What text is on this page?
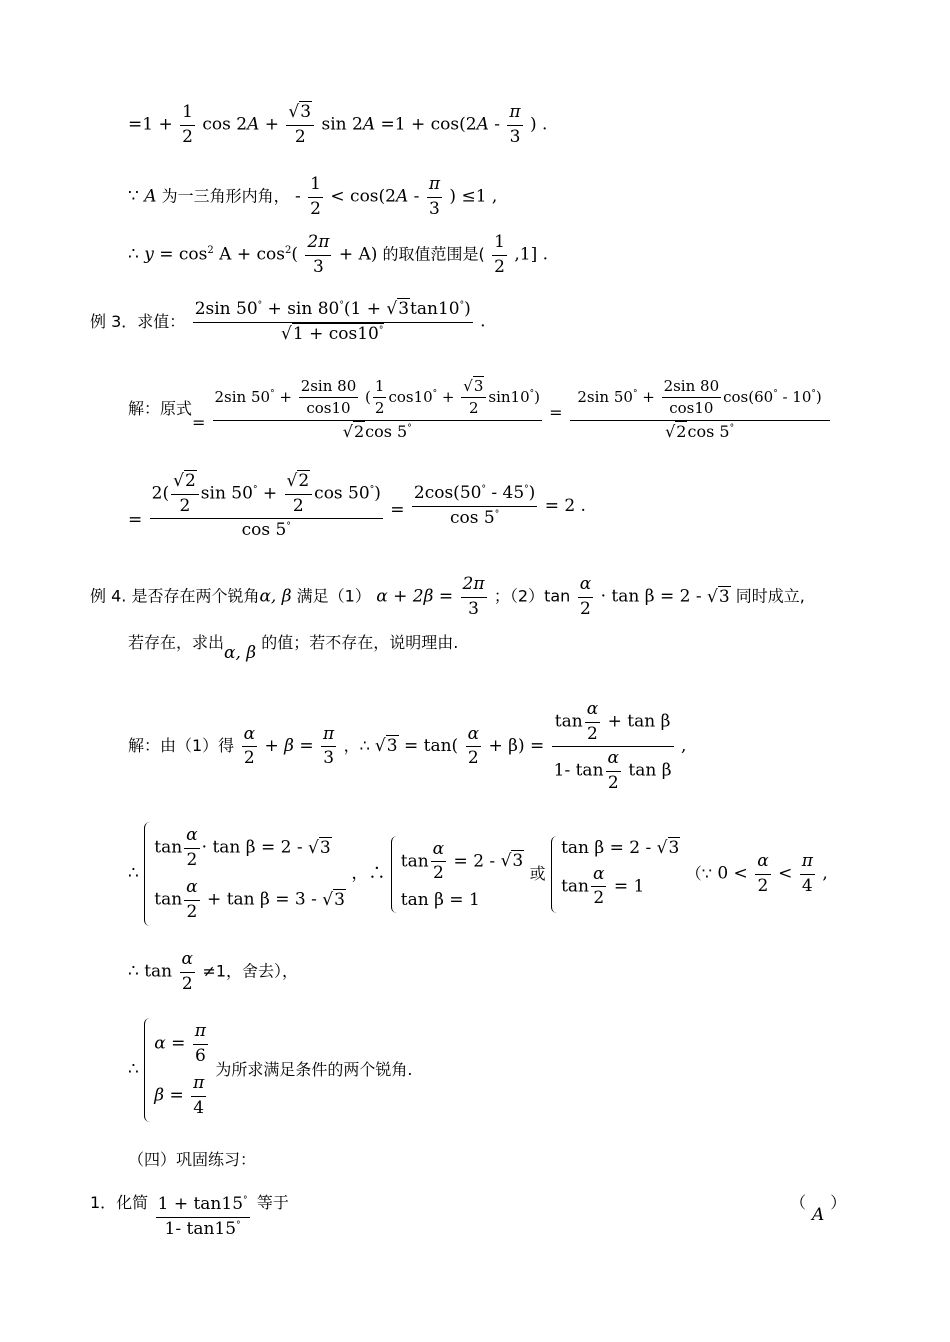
$=1 + \frac{1}{2}$ $\cos 2A + \frac{√3}{2}$ $\sin 2A =1 + \cos(2A - \frac{\pi}{3}$ ) .
∵ A 为一三角形内角， - $\frac{1}{2} < \cos(2A - \frac{\pi}{3}$ ) ≤1 ,
∴ $y = \cos^2 A + \cos^2( \frac{2\pi}{3} + A)$ 的取值范围是( $\frac{1}{2} ,1$] .
例 3．求值： $\frac{2\sin 50^\circ + \sin 80^\circ(1 + √3\tan 10^\circ)}{√1 + \cos 10^\circ}$ .
解：原式= $\frac{2\sin 50^\circ + \frac{2\sin 80}{\cos 10} ( \frac{1}{2} \cos 10^\circ + \frac{√3}{2} \sin 10^\circ)}{√2\cos 5^\circ} = \frac{2\sin 50^\circ + \frac{2\sin 80}{\cos 10} \cos(60^\circ - 10^\circ)}{√2\cos 5^\circ}$
= $\frac{2( \frac{√2}{2} \sin 50^\circ + \frac{√2}{2} \cos 50^\circ)}{\cos 5^\circ} = \frac{2\cos(50^\circ - 45^\circ)}{\cos 5^\circ} = 2$ .
例 4. 是否存在两个锐角α, β 满足（1） $\alpha + 2\beta = \frac{2\pi}{3}$ ；$(2)\tan \frac{\alpha}{2} \cdot \tan \beta = 2 - √3$ 同时成立,
若存在，求出α, β 的值；若不存在，说明理由.
解：由（1）得 $\frac{\alpha}{2} + \beta = \frac{\pi}{3}$ ，∴ $√3 = \tan( \frac{\alpha}{2} + \beta) = \frac{\tan \frac{\alpha}{2} + \tan \beta}{1- \tan \frac{\alpha}{2} \tan \beta}$ ,
∴
$\tan \frac{\alpha}{2} \cdot \tan \beta = 2 - √3$
$\tan \frac{\alpha}{2} + \tan \beta = 3 - √3$
，∴
$\tan \frac{\alpha}{2} = 2 - √3$
tan β = 1
或
tan β = 2 - √3
$\tan \frac{\alpha}{2} = 1$
（∵ $0 < \frac{\alpha}{2} < \frac{\pi}{4}$ ,
∴ $\tan \frac{\alpha}{2} \ne 1$，舍去），
∴
$\alpha = \frac{\pi}{6}$
$\beta = \frac{\pi}{4}$
为所求满足条件的两个锐角.
（四）巩固练习：
1．化简 $\frac{1 + \tan 15^\circ}{1- \tan 15^\circ}$ 等于	（A）
